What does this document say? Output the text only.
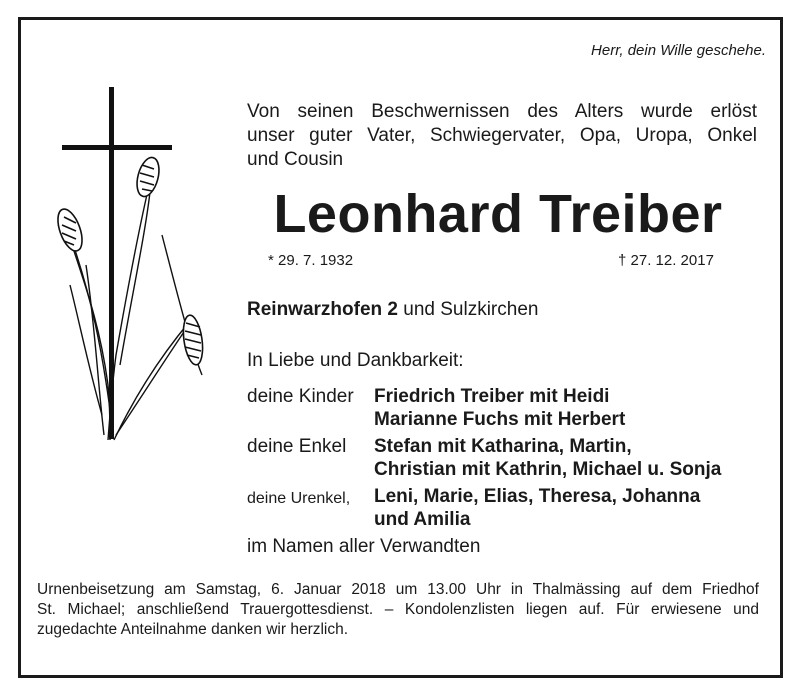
Herr, dein Wille geschehe.
Von seinen Beschwernissen des Alters wurde erlöst
unser guter Vater, Schwiegervater, Opa, Uropa, Onkel
und Cousin
Leonhard Treiber
* 29. 7. 1932	† 27. 12. 2017
Reinwarzhofen 2 und Sulzkirchen
In Liebe und Dankbarkeit:
deine Kinder Friedrich Treiber mit Heidi
Marianne Fuchs mit Herbert
deine Enkel Stefan mit Katharina, Martin,
Christian mit Kathrin, Michael u. Sonja
deine Urenkel, Leni, Marie, Elias, Theresa, Johanna
und Amilia
im Namen aller Verwandten
Urnenbeisetzung am Samstag, 6. Januar 2018 um 13.00 Uhr in Thalmässing auf dem Friedhof
St. Michael; anschließend Trauergottesdienst. – Kondolenzlisten liegen auf. Für erwiesene und
zugedachte Anteilnahme danken wir herzlich.
